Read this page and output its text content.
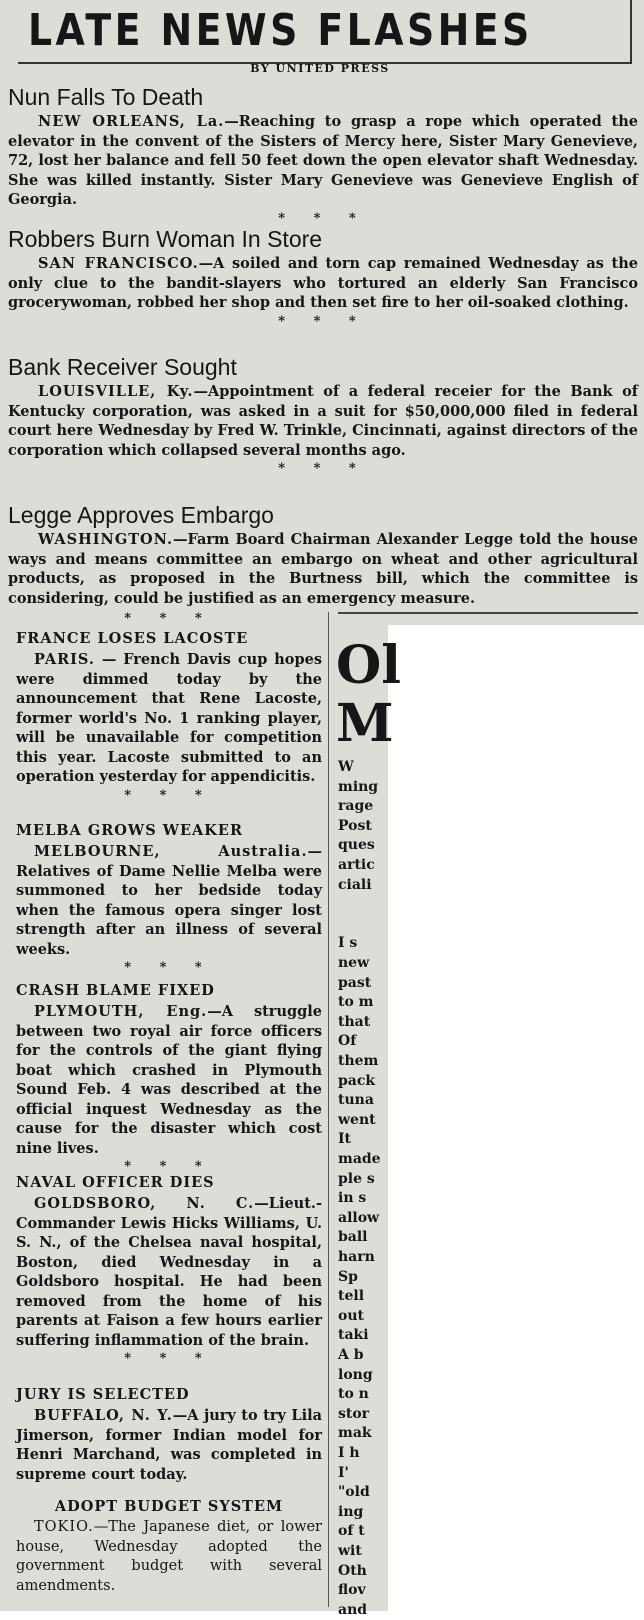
LATE NEWS FLASHES
BY UNITED PRESS
Nun Falls To Death

NEW ORLEANS, La.—Reaching to grasp a rope which operated the elevator in the convent of the Sisters of Mercy here, Sister Mary Genevieve, 72, lost her balance and fell 50 feet down the open elevator shaft Wednesday. She was killed instantly. Sister Mary Genevieve was Genevieve English of Georgia.

* * *
Robbers Burn Woman In Store

SAN FRANCISCO.—A soiled and torn cap remained Wednesday as the only clue to the bandit-slayers who tortured an elderly San Francisco grocerywoman, robbed her shop and then set fire to her oil-soaked clothing.

* * *
Bank Receiver Sought

LOUISVILLE, Ky.—Appointment of a federal receier for the Bank of Kentucky corporation, was asked in a suit for $50,000,000 filed in federal court here Wednesday by Fred W. Trinkle, Cincinnati, against directors of the corporation which collapsed several months ago.

* * *
Legge Approves Embargo

WASHINGTON.—Farm Board Chairman Alexander Legge told the house ways and means committee an embargo on wheat and other agricultural products, as proposed in the Burtness bill, which the committee is considering, could be justified as an emergency measure.

* * *
FRANCE LOSES LACOSTE

PARIS. — French Davis cup hopes were dimmed today by the announcement that Rene Lacoste, former world's No. 1 ranking player, will be unavailable for competition this year. Lacoste submitted to an operation yesterday for appendicitis.

* * *
MELBA GROWS WEAKER

MELBOURNE, Australia.—Relatives of Dame Nellie Melba were summoned to her bedside today when the famous opera singer lost strength after an illness of several weeks.

* * *
CRASH BLAME FIXED

PLYMOUTH, Eng.—A struggle between two royal air force officers for the controls of the giant flying boat which crashed in Plymouth Sound Feb. 4 was described at the official inquest Wednesday as the cause for the disaster which cost nine lives.

* * *
NAVAL OFFICER DIES

GOLDSBORO, N. C.—Lieut.-Commander Lewis Hicks Williams, U. S. N., of the Chelsea naval hospital, Boston, died Wednesday in a Goldsboro hospital. He had been removed from the home of his parents at Faison a few hours earlier suffering inflammation of the brain.

* * *
JURY IS SELECTED

BUFFALO, N. Y.—A jury to try Lila Jimerson, former Indian model for Henri Marchand, was completed in supreme court today.

ADOPT BUDGET SYSTEM

TOKIO.—The Japanese diet, or lower house, Wednesday adopted the government budget with several amendments.

Ol
M
W
ming
rage
Post
ques
artic
ciali
I s
new
past
to m
that
Of
them
pack
tuna
went
It
made
ple s
in s
allow
ball
harn
Sp
tell
out
taki
A b
long
to n
stor
mak
I h
I'
"old
ing
of t
wit
Oth
flov
and
